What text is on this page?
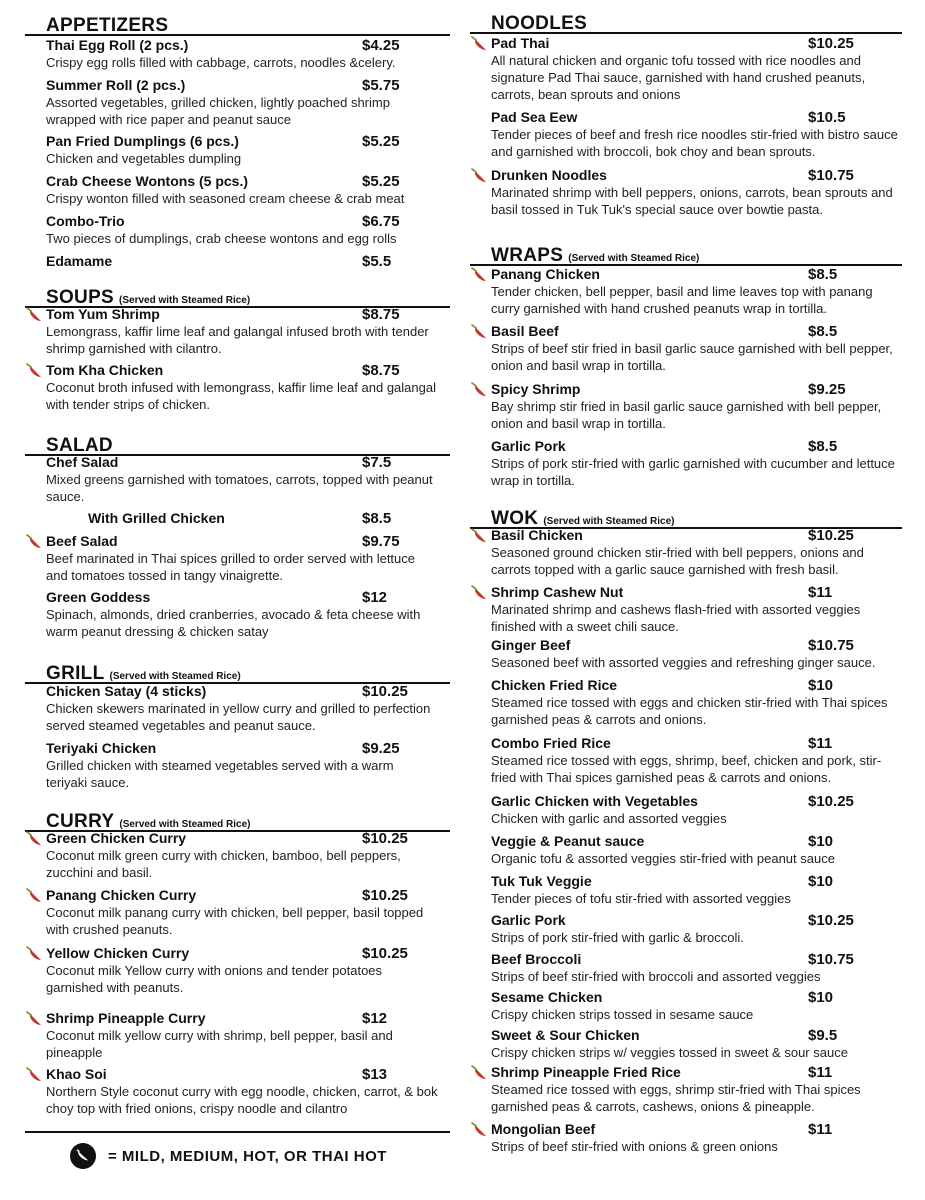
APPETIZERS
Thai Egg Roll (2 pcs.)	$4.25
Crispy egg rolls filled with cabbage, carrots, noodles &celery.
Summer Roll (2 pcs.)	$5.75
Assorted vegetables, grilled chicken, lightly poached shrimp wrapped with rice paper and peanut sauce
Pan Fried Dumplings (6 pcs.)	$5.25
Chicken and vegetables dumpling
Crab Cheese Wontons (5 pcs.)	$5.25
Crispy wonton filled with seasoned cream cheese & crab meat
Combo-Trio	$6.75
Two pieces of dumplings, crab cheese wontons and egg rolls
Edamame	$5.5
SOUPS (Served with Steamed Rice)
Tom Yum Shrimp	$8.75
Lemongrass, kaffir lime leaf and galangal infused broth with tender shrimp garnished with cilantro.
Tom Kha Chicken	$8.75
Coconut broth infused with lemongrass, kaffir lime leaf and galangal with tender strips of chicken.
SALAD
Chef Salad	$7.5
Mixed greens garnished with tomatoes, carrots, topped with peanut sauce.
With Grilled Chicken	$8.5
Beef Salad	$9.75
Beef marinated in Thai spices grilled to order served with lettuce and tomatoes tossed in tangy vinaigrette.
Green Goddess	$12
Spinach, almonds, dried cranberries, avocado & feta cheese with warm peanut dressing & chicken satay
GRILL (Served with Steamed Rice)
Chicken Satay (4 sticks)	$10.25
Chicken skewers marinated in yellow curry and grilled to perfection served steamed vegetables and peanut sauce.
Teriyaki Chicken	$9.25
Grilled chicken with steamed vegetables served with a warm teriyaki sauce.
CURRY (Served with Steamed Rice)
Green Chicken Curry	$10.25
Coconut milk green curry with chicken, bamboo, bell peppers, zucchini and basil.
Panang Chicken Curry	$10.25
Coconut milk panang curry with chicken, bell pepper, basil topped with crushed peanuts.
Yellow Chicken Curry	$10.25
Coconut milk Yellow curry with onions and tender potatoes garnished with peanuts.
Shrimp Pineapple Curry	$12
Coconut milk yellow curry with shrimp, bell pepper, basil and pineapple
Khao Soi	$13
Northern Style coconut curry with egg noodle, chicken, carrot, & bok choy top with fried onions, crispy noodle and cilantro
NOODLES
Pad Thai	$10.25
All natural chicken and organic tofu tossed with rice noodles and signature Pad Thai sauce, garnished with hand crushed peanuts, carrots, bean sprouts and onions
Pad Sea Eew	$10.5
Tender pieces of beef and fresh rice noodles stir-fried with bistro sauce and garnished with broccoli, bok choy and bean sprouts.
Drunken Noodles	$10.75
Marinated shrimp with bell peppers, onions, carrots, bean sprouts and basil tossed in Tuk Tuk's special sauce over bowtie pasta.
WRAPS (Served with Steamed Rice)
Panang Chicken	$8.5
Tender chicken, bell pepper, basil and lime leaves top with panang curry garnished with hand crushed peanuts wrap in tortilla.
Basil Beef	$8.5
Strips of beef stir fried in basil garlic sauce garnished with bell pepper, onion and basil wrap in tortilla.
Spicy Shrimp	$9.25
Bay shrimp stir fried in basil garlic sauce garnished with bell pepper, onion and basil wrap in tortilla.
Garlic Pork	$8.5
Strips of pork stir-fried with garlic garnished with cucumber and lettuce wrap in tortilla.
WOK (Served with Steamed Rice)
Basil Chicken	$10.25
Seasoned ground chicken stir-fried with bell peppers, onions and carrots topped with a garlic sauce garnished with fresh basil.
Shrimp Cashew Nut	$11
Marinated shrimp and cashews flash-fried with assorted veggies finished with a sweet chili sauce.
Ginger Beef	$10.75
Seasoned beef with assorted veggies and refreshing ginger sauce.
Chicken Fried Rice	$10
Steamed rice tossed with eggs and chicken stir-fried with Thai spices garnished peas & carrots and onions.
Combo Fried Rice	$11
Steamed rice tossed with eggs, shrimp, beef, chicken and pork, stir-fried with Thai spices garnished peas & carrots and onions.
Garlic Chicken with Vegetables	$10.25
Chicken with garlic and assorted veggies
Veggie & Peanut sauce	$10
Organic tofu & assorted veggies stir-fried with peanut sauce
Tuk Tuk Veggie	$10
Tender pieces of tofu stir-fried with assorted veggies
Garlic Pork	$10.25
Strips of pork stir-fried with garlic & broccoli.
Beef Broccoli	$10.75
Strips of beef stir-fried with broccoli and assorted veggies
Sesame Chicken	$10
Crispy chicken strips tossed in sesame sauce
Sweet & Sour Chicken	$9.5
Crispy chicken strips w/ veggies tossed in sweet & sour sauce
Shrimp Pineapple Fried Rice	$11
Steamed rice tossed with eggs, shrimp stir-fried with Thai spices garnished peas & carrots, cashews, onions & pineapple.
Mongolian Beef	$11
Strips of beef stir-fried with onions & green onions
= MILD, MEDIUM, HOT, OR THAI HOT
